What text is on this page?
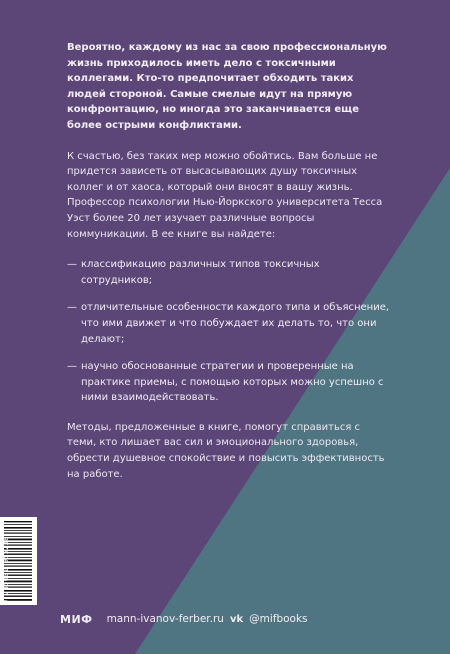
Вероятно, каждому из нас за свою профессиональную жизнь приходилось иметь дело с токсичными коллегами. Кто-то предпочитает обходить таких людей стороной. Самые смелые идут на прямую конфронтацию, но иногда это заканчивается еще более острыми конфликтами.

К счастью, без таких мер можно обойтись. Вам больше не придется зависеть от высасывающих душу токсичных коллег и от хаоса, который они вносят в вашу жизнь. Профессор психологии Нью-Йоркского университета Тесса Уэст более 20 лет изучает различные вопросы коммуникации. В ее книге вы найдете:

— классификацию различных типов токсичных сотрудников;
— отличительные особенности каждого типа и объяснение, что ими движет и что побуждает их делать то, что они делают;
— научно обоснованные стратегии и проверенные на практике приемы, с помощью которых можно успешно с ними взаимодействовать.

Методы, предложенные в книге, помогут справиться с теми, кто лишает вас сил и эмоционального здоровья, обрести душевное спокойствие и повысить эффективность на работе.

9 785001 955238
МИФ mann-ivanov-ferber.ru vk @mifbooks
